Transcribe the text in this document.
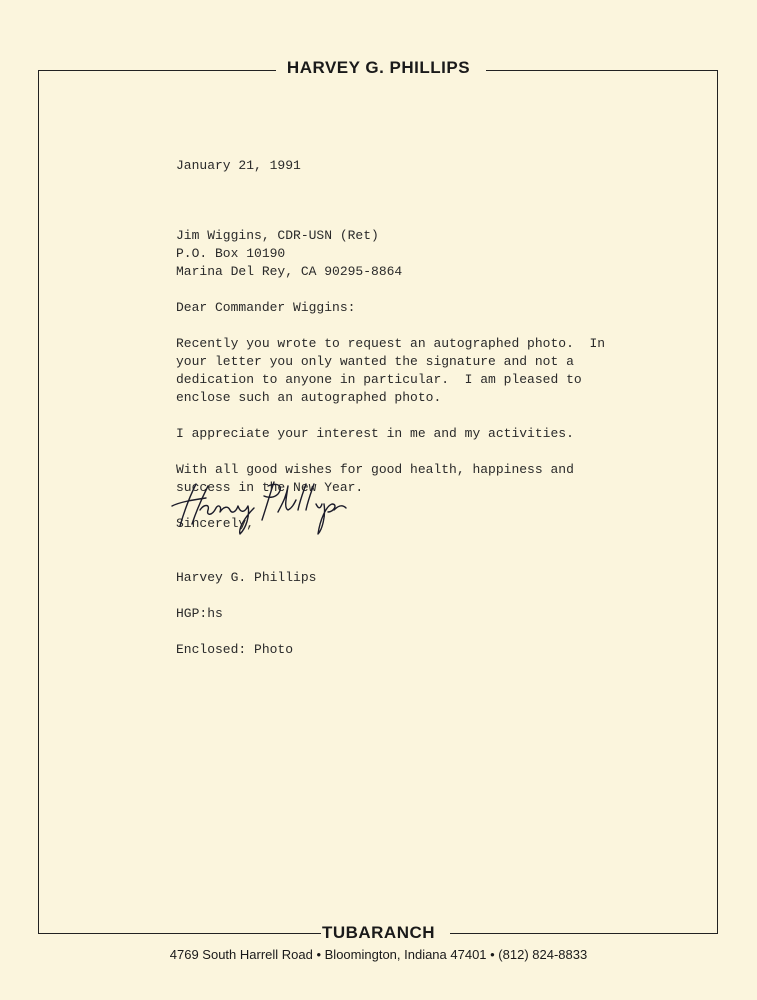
HARVEY G. PHILLIPS
TUBARANCH
4769 South Harrell Road • Bloomington, Indiana 47401 • (812) 824-8833
January 21, 1991
Jim Wiggins, CDR-USN (Ret)
P.O. Box 10190
Marina Del Rey, CA 90295-8864
Dear Commander Wiggins:
Recently you wrote to request an autographed photo.  In
your letter you only wanted the signature and not a
dedication to anyone in particular.  I am pleased to
enclose such an autographed photo.
I appreciate your interest in me and my activities.
With all good wishes for good health, happiness and
success in the New Year.
Sincerely,
Harvey G. Phillips
HGP:hs
Enclosed: Photo
